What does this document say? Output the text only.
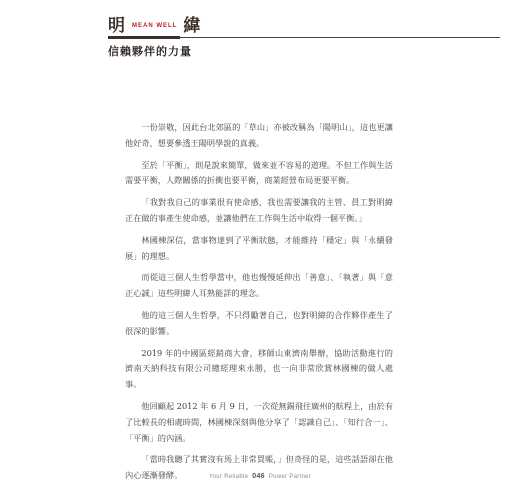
明 MEAN WELL 緯
信賴夥伴的力量

一份崇敬，因此台北郊區的「草山」亦被改稱為「陽明山」，這也更讓他好奇，想要參透王陽明學說的真義。

至於「平衡」，則是說來簡單，做來並不容易的道理。不但工作與生活需要平衡，人際關係的折衝也要平衡，商業經營布局更要平衡。

「我對我自己的事業很有使命感，我也需要讓我的主管、員工對明緯正在做的事產生使命感，並讓他們在工作與生活中取得一個平衡。」

林國棟深信，當事物達到了平衡狀態，才能維持「穩定」與「永續發展」的理想。

而從這三個人生哲學當中，他也慢慢延伸出「善意」、「執著」與「意正心誠」這些明緯人耳熟能詳的理念。

他的這三個人生哲學，不只得勵著自己，也對明緯的合作夥伴產生了很深的影響。

2019 年的中國區經銷商大會，移師山東濟南舉辦，協助活動進行的濟南天納科技有限公司總經理來永勝，也一向非常欣賞林國棟的做人處事。

他回顧起 2012 年 6 月 9 日，一次從無錫飛往廣州的航程上，由於有了比較長的相處時間，林國棟深刻與他分享了「認識自己」、「知行合一」、「平衡」的內涵。

「當時我聽了其實沒有馬上非常買帳，」但奇怪的是，這些話語卻在他內心逐漸發酵。	Your Reliable 046 Power Partner
